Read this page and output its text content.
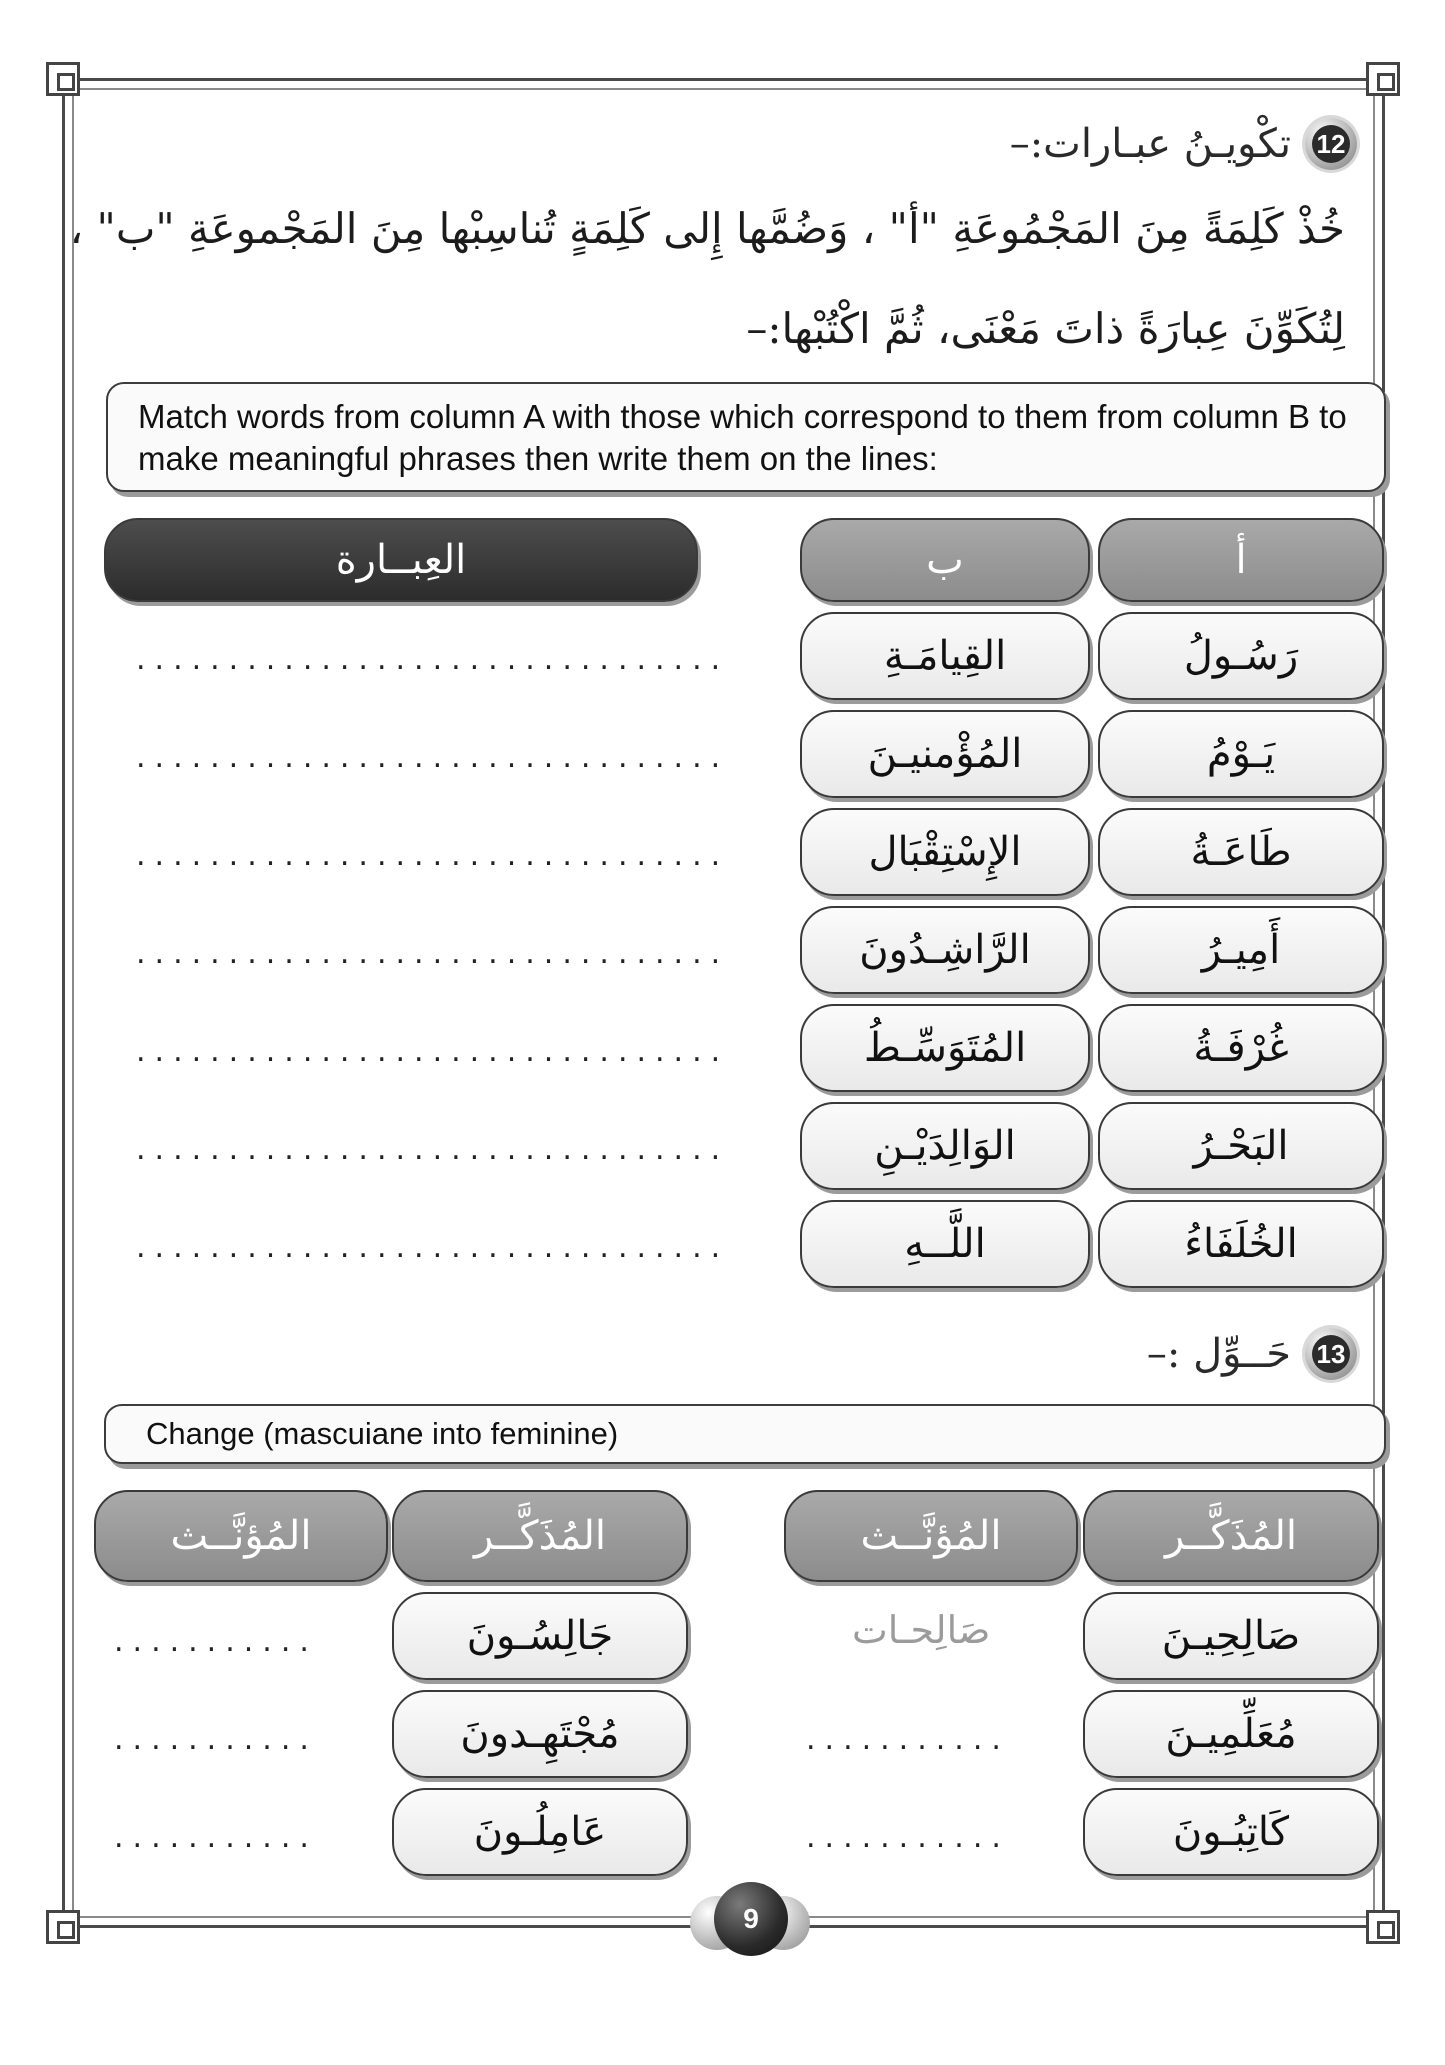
12
تكْويـنُ عبـارات:–
خُذْ كَلِمَةً مِنَ المَجْمُوعَةِ "أ" ، وَضُمَّها إِلى كَلِمَةٍ تُناسِبْها مِنَ المَجْموعَةِ "ب" ،
لِتُكَوِّنَ عِبارَةً ذاتَ مَعْنَى، ثُمَّ اكْتُبْها:–
Match words from column A with those which correspond to them from column B to make meaningful phrases then write them on the lines:
أ
ب
العِبــارة
رَسُـولُ
القِيامَـةِ
................................
يَـوْمُ
المُؤْمنيـنَ
................................
طَاعَـةُ
الإِسْتِقْبَال
................................
أَمِيـرُ
الرَّاشِـدُونَ
................................
غُرْفَـةُ
المُتَوَسِّـطُ
................................
البَحْـرُ
الوَالِدَيْـنِ
................................
الخُلَفَاءُ
اللَّــهِ
................................
13
حَــوِّل :–
Change (mascuiane into feminine)
المُذَكَّــر
المُؤنَّــث
المُذَكَّــر
المُؤنَّــث
صَالِحِيـنَ
صَالِحـات
جَالِسُـونَ
...........
مُعَلِّمِيـنَ
...........
مُجْتَهِـدونَ
...........
كَاتِبُـونَ
...........
عَامِلُـونَ
...........
9
